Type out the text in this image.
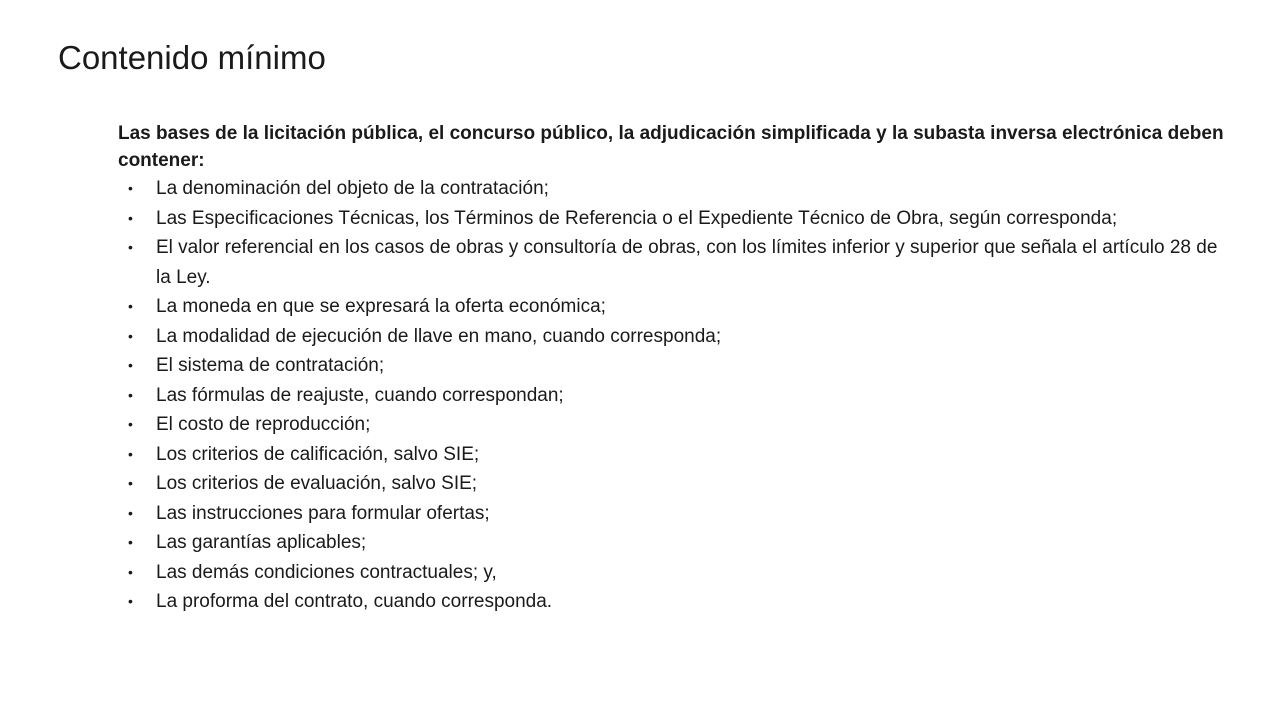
Contenido mínimo

Las bases de la licitación pública, el concurso público, la adjudicación simplificada y la subasta inversa electrónica deben contener:

• La denominación del objeto de la contratación;
• Las Especificaciones Técnicas, los Términos de Referencia o el Expediente Técnico de Obra, según corresponda;
• El valor referencial en los casos de obras y consultoría de obras, con los límites inferior y superior que señala el artículo 28 de la Ley.
• La moneda en que se expresará la oferta económica;
• La modalidad de ejecución de llave en mano, cuando corresponda;
• El sistema de contratación;
• Las fórmulas de reajuste, cuando correspondan;
• El costo de reproducción;
• Los criterios de calificación, salvo SIE;
• Los criterios de evaluación, salvo SIE;
• Las instrucciones para formular ofertas;
• Las garantías aplicables;
• Las demás condiciones contractuales; y,
• La proforma del contrato, cuando corresponda.
